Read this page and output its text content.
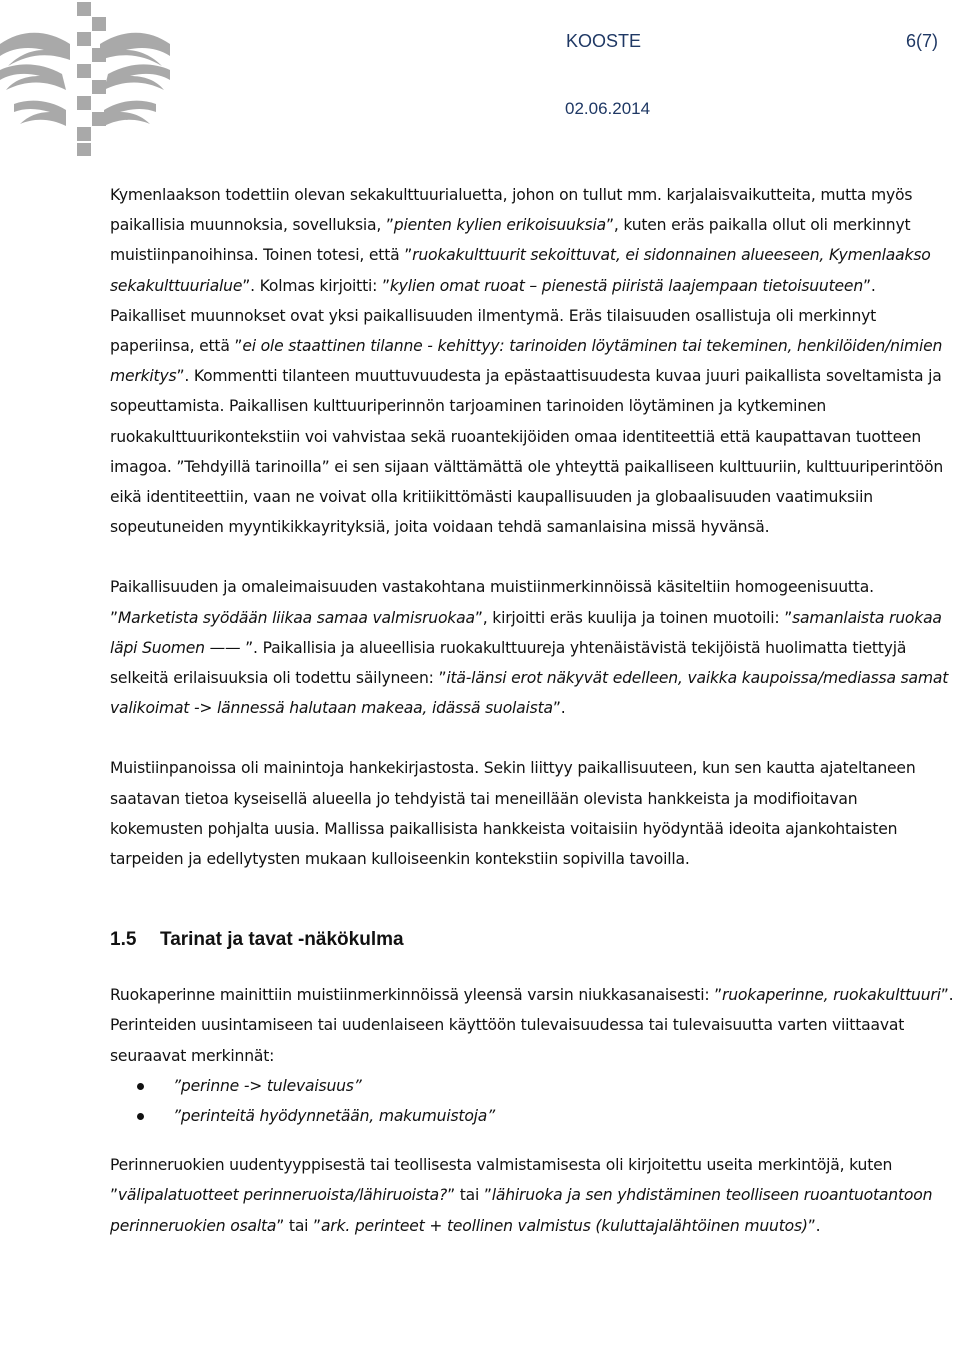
KOOSTE	6(7)
02.06.2014

Kymenlaakson todettiin olevan sekakulttuurialuetta, johon on tullut mm. karjalaisvaikutteita, mutta myös paikallisia muunnoksia, sovelluksia, ”pienten kylien erikoisuuksia”, kuten eräs paikalla ollut oli merkinnyt muistiinpanoihinsa. Toinen totesi, että ”ruokakulttuurit sekoittuvat, ei sidonnainen alueeseen, Kymenlaakso sekakulttuurialue”. Kolmas kirjoitti: ”kylien omat ruoat – pienestä piiristä laajempaan tietoisuuteen”. Paikalliset muunnokset ovat yksi paikallisuuden ilmentymä. Eräs tilaisuuden osallistuja oli merkinnyt paperiinsa, että ”ei ole staattinen tilanne - kehittyy: tarinoiden löytäminen tai tekeminen, henkilöiden/nimien merkitys”. Kommentti tilanteen muuttuvuudesta ja epästaattisuudesta kuvaa juuri paikallista soveltamista ja sopeuttamista. Paikallisen kulttuuriperinnön tarjoaminen tarinoiden löytäminen ja kytkeminen ruokakulttuurikontekstiin voi vahvistaa sekä ruoantekijöiden omaa identiteettiä että kaupattavan tuotteen imagoa. ”Tehdyillä tarinoilla” ei sen sijaan välttämättä ole yhteyttä paikalliseen kulttuuriin, kulttuuriperintöön eikä identiteettiin, vaan ne voivat olla kritiikittömästi kaupallisuuden ja globaalisuuden vaatimuksiin sopeutuneiden myyntikikkayrityksiä, joita voidaan tehdä samanlaisina missä hyvänsä.

Paikallisuuden ja omaleimaisuuden vastakohtana muistiinmerkinnöissä käsiteltiin homogeenisuutta. ”Marketista syödään liikaa samaa valmisruokaa”, kirjoitti eräs kuulija ja toinen muotoili: ”samanlaista ruokaa läpi Suomen —— ”. Paikallisia ja alueellisia ruokakulttuureja yhtenäistävistä tekijöistä huolimatta tiettyjä selkeitä erilaisuuksia oli todettu säilyneen: ”itä-länsi erot näkyvät edelleen, vaikka kaupoissa/mediassa samat valikoimat -> lännessä halutaan makeaa, idässä suolaista”.

Muistiinpanoissa oli mainintoja hankekirjastosta. Sekin liittyy paikallisuuteen, kun sen kautta ajateltaneen saatavan tietoa kyseisellä alueella jo tehdyistä tai meneillään olevista hankkeista ja modifioitavan kokemusten pohjalta uusia. Mallissa paikallisista hankkeista voitaisiin hyödyntää ideoita ajankohtaisten tarpeiden ja edellytysten mukaan kulloiseenkin kontekstiin sopivilla tavoilla.

1.5 Tarinat ja tavat -näkökulma

Ruokaperinne mainittiin muistiinmerkinnöissä yleensä varsin niukkasanaisesti: ”ruokaperinne, ruokakulttuuri”. Perinteiden uusintamiseen tai uudenlaiseen käyttöön tulevaisuudessa tai tulevaisuutta varten viittaavat seuraavat merkinnät:

”perinne -> tulevaisuus”
”perinteitä hyödynnetään, makumuistoja”

Perinneruokien uudentyyppisestä tai teollisesta valmistamisesta oli kirjoitettu useita merkintöjä, kuten ”välipalatuotteet perinneruoista/lähiruoista?” tai ”lähiruoka ja sen yhdistäminen teolliseen ruoantuotantoon perinneruokien osalta” tai ”ark. perinteet + teollinen valmistus (kuluttajalähtöinen muutos)”.
